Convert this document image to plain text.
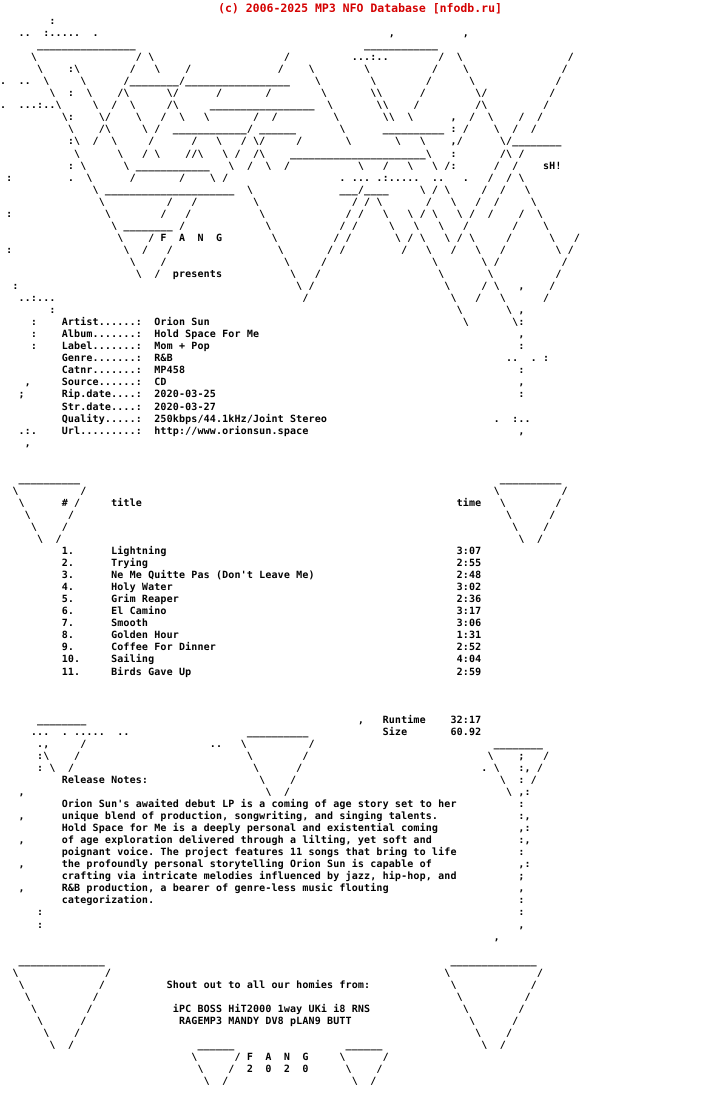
(c) 2006-2025 MP3 NFO Database [nfodb.ru]
:
..  :.....  .                                               ,           ,
________________                                     ____________
\                / \                     /          ...:..        /  \                 /
\    :\        /   \    /              /    \        \          /    \               /
.  ..  \     \      /________/_________________    \        \        /      \             /
\  :  \    /\      \/      /       /        \       \\      /        \/          /
.  ...:..\     \  /  \     /\     _________________  \       \\    /         /\         /
\:    \/    \   /  \   \       /  /         \       \\  \      ,  /  \    /  /
\    /\     \ /  ____________/ ______       \      __________ : /    \  /  /
:\  /  \     /      /   \   / \/     /       \       \   \    ,/      \/________
\      \   / \    //\   \ /  /\    ______________________\   :       /\ /
: \      \ ____________   \  /  \  /           \   /   \   \ /:      /  /    sH!
:         .  \      /       /    \ /                  . ... .:.....  ..   .   /  / \
\ _____________________  \              ___/____     \ / \     /  /   \
\          /   /         \               / / \       /   \   /  /     \
:               \        /   /           \             / /   \   \ / \   \ /  /    /  \
\ ________ /             \           / /     \   \   \   /       /    \
\    / F  A  N  G        \         / /       \ / \   \ / \     /      \   /
:                  \  /   /                 \       / /         /   \   /   \   /        \ /
\    /                   \     /                 \       \ /          /
\  /  presents           \   /                   \       \          /
:                                             \ /                     \     / \   ,    /
..:...                                        /                       \   /   \      /
:                                                                 \       \ ,
:    Artist......:  Orion Sun                                         \       \:
:    Album.......:  Hold Space For Me                                          ,
:    Label.......:  Mom + Pop                                                  :
Genre.......:  R&B                                                      ..  . :
Catnr.......:  MP458                                                      :
,     Source......:  CD                                                         ,
;      Rip.date....:  2020-03-25                                                 :
Str.date....:  2020-03-27
Quality.....:  250kbps/44.1kHz/Joint Stereo                           .  :..
.:.    Url.........:  http://www.orionsun.space                                  ,
,

__________                                                                    __________
\          /                                                                  \          /
\      # /     title                                                   time   \        /
\      /                                                                      \      /
\    /                                                                        \    /
\  /                                                                          \  /
1.      Lightning                                               3:07
2.      Trying                                                  2:55
3.      Ne Me Quitte Pas (Don't Leave Me)                       2:48
4.      Holy Water                                              3:02
5.      Grim Reaper                                             2:36
6.      El Camino                                               3:17
7.      Smooth                                                  3:06
8.      Golden Hour                                             1:31
9.      Coffee For Dinner                                       2:52
10.     Sailing                                                 4:04
11.     Birds Gave Up                                           2:59

________                                            ,   Runtime    32:17
...  . .....  ..                   __________            Size       60.92
.,     /                    ..   \          /                             ________
:\    /                           \        /                             \    ;   /
: \  /                             \      /                             . \   :, /
Release Notes:                  \    /                                 \  : /
,                                       \  /                                   \ ,:
Orion Sun's awaited debut LP is a coming of age story set to her          :
,      unique blend of production, songwriting, and singing talents.             :,
Hold Space for Me is a deeply personal and existential coming             ,:
,      of age exploration delivered through a lilting, yet soft and              :,
poignant voice. The project features 11 songs that bring to life          :
,      the profoundly personal storytelling Orion Sun is capable of              ,:
crafting via intricate melodies influenced by jazz, hip-hop, and          ;
,      R&B production, a bearer of genre-less music flouting                     ,
categorization.                                                           :
:                                                                             :
:                                                                             ,
,

______________                                                        ______________
\              /                                                      \              /
\            /          Shout out to all our homies from:             \            /
\          /                                                          \          /
\        /             iPC BOSS HiT2000 1way UKi i8 RNS               \        /
\      /               RAGEMP3 MANDY DV8 pLAN9 BUTT                   \      /
\    /                                                                \    /
\  /                    ______                  ______                \  /
\      / F  A  N  G     \      /
\    /  2  0  2  0      \    /
\  /                    \  /
